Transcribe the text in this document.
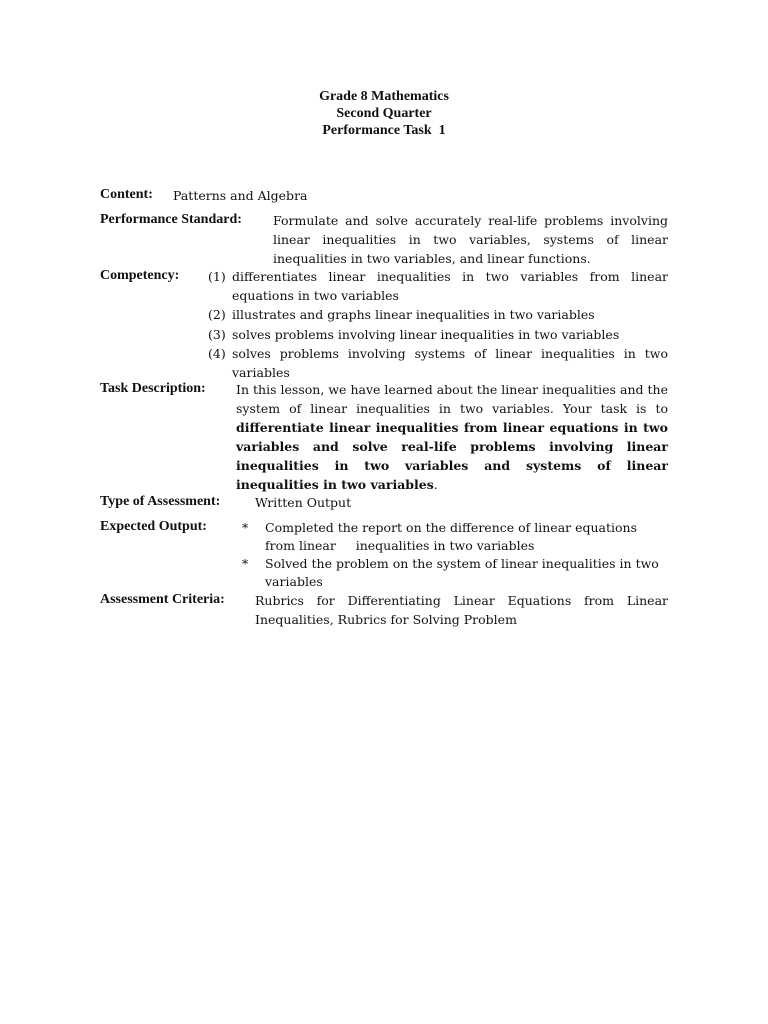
Grade 8 Mathematics
Second Quarter
Performance Task  1
Content: Patterns and Algebra
Performance Standard: Formulate and solve accurately real-life problems involving linear inequalities in two variables, systems of linear inequalities in two variables, and linear functions.
Competency: (1) differentiates linear inequalities in two variables from linear equations in two variables
(2) illustrates and graphs linear inequalities in two variables
(3) solves problems involving linear inequalities in two variables
(4) solves problems involving systems of linear inequalities in two variables
Task Description: In this lesson, we have learned about the linear inequalities and the system of linear inequalities in two variables. Your task is to differentiate linear inequalities from linear equations in two variables and solve real-life problems involving linear inequalities in two variables and systems of linear inequalities in two variables.
Type of Assessment:	Written Output
Expected Output:	* Completed the report on the difference of linear equations from linear     inequalities in two variables
* Solved the problem on the system of linear inequalities in two variables
Assessment Criteria: Rubrics for Differentiating Linear Equations from Linear Inequalities, Rubrics for Solving Problem
